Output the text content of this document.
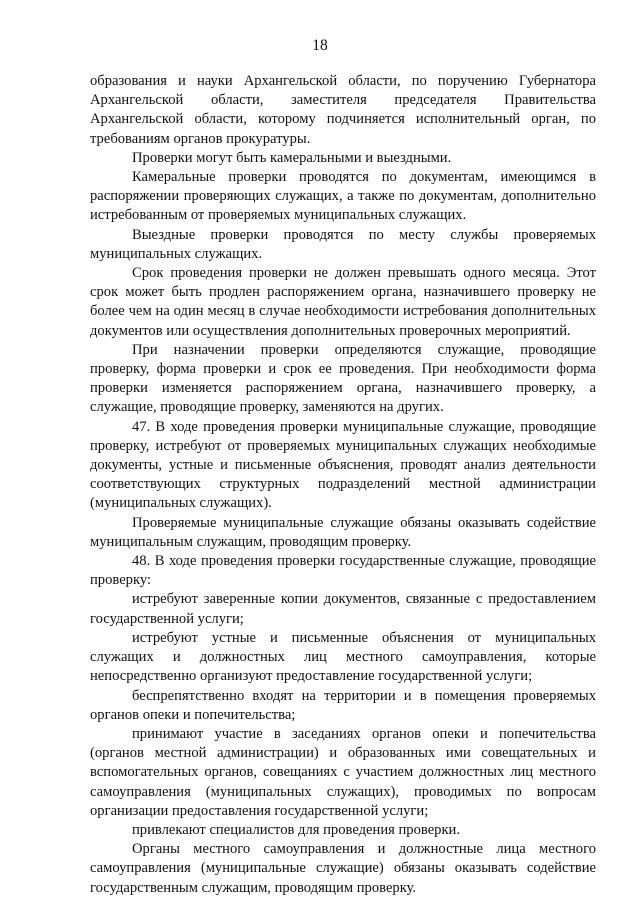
18

образования и науки Архангельской области, по поручению Губернатора Архангельской области, заместителя председателя Правительства Архангельской области, которому подчиняется исполнительный орган, по требованиям органов прокуратуры.

Проверки могут быть камеральными и выездными.

Камеральные проверки проводятся по документам, имеющимся в распоряжении проверяющих служащих, а также по документам, дополнительно истребованным от проверяемых муниципальных служащих.

Выездные проверки проводятся по месту службы проверяемых муниципальных служащих.

Срок проведения проверки не должен превышать одного месяца. Этот срок может быть продлен распоряжением органа, назначившего проверку не более чем на один месяц в случае необходимости истребования дополнительных документов или осуществления дополнительных проверочных мероприятий.

При назначении проверки определяются служащие, проводящие проверку, форма проверки и срок ее проведения. При необходимости форма проверки изменяется распоряжением органа, назначившего проверку, а служащие, проводящие проверку, заменяются на других.

47. В ходе проведения проверки муниципальные служащие, проводящие проверку, истребуют от проверяемых муниципальных служащих необходимые документы, устные и письменные объяснения, проводят анализ деятельности соответствующих структурных подразделений местной администрации (муниципальных служащих).

Проверяемые муниципальные служащие обязаны оказывать содействие муниципальным служащим, проводящим проверку.

48. В ходе проведения проверки государственные служащие, проводящие проверку:

истребуют заверенные копии документов, связанные с предоставлением государственной услуги;

истребуют устные и письменные объяснения от муниципальных служащих и должностных лиц местного самоуправления, которые непосредственно организуют предоставление государственной услуги;

беспрепятственно входят на территории и в помещения проверяемых органов опеки и попечительства;

принимают участие в заседаниях органов опеки и попечительства (органов местной администрации) и образованных ими совещательных и вспомогательных органов, совещаниях с участием должностных лиц местного самоуправления (муниципальных служащих), проводимых по вопросам организации предоставления государственной услуги;

привлекают специалистов для проведения проверки.

Органы местного самоуправления и должностные лица местного самоуправления (муниципальные служащие) обязаны оказывать содействие государственным служащим, проводящим проверку.
